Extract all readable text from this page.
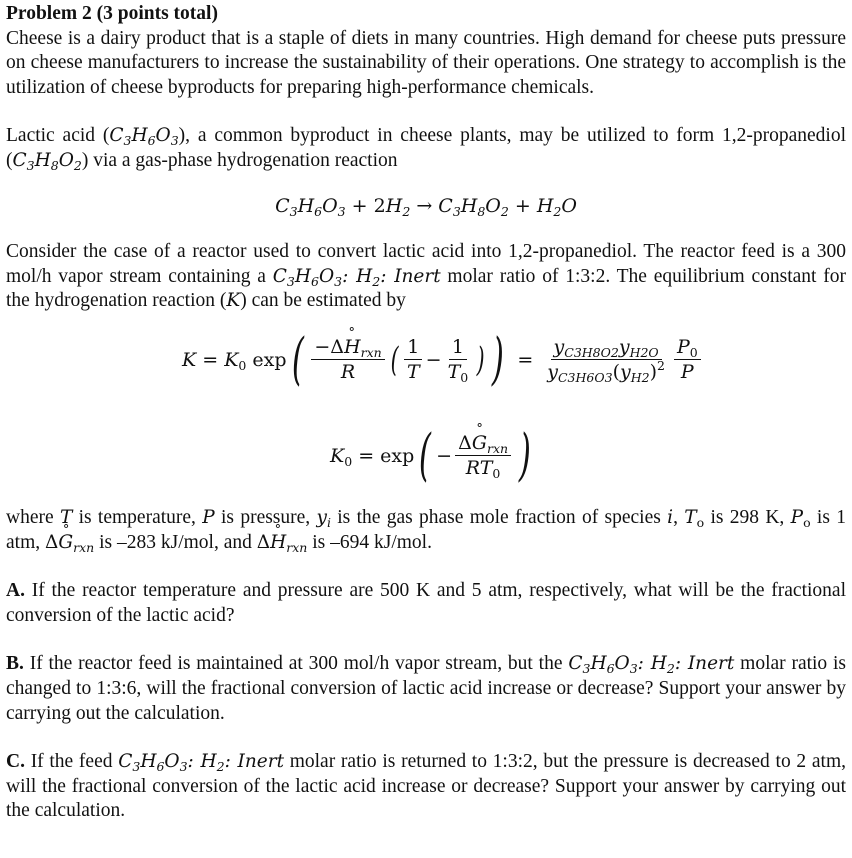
Problem 2 (3 points total)

Cheese is a dairy product that is a staple of diets in many countries. High demand for cheese puts pressure on cheese manufacturers to increase the sustainability of their operations. One strategy to accomplish is the utilization of cheese byproducts for preparing high-performance chemicals.

Lactic acid $(C_3H_6O_3)$, a common byproduct in cheese plants, may be utilized to form 1,2-propanediol $(C_3H_8O_2)$ via a gas-phase hydrogenation reaction

$C_3H_6O_3 + 2H_2 \to C_3H_8O_2 + H_2O$

Consider the case of a reactor used to convert lactic acid into 1,2-propanediol. The reactor feed is a 300 mol/h vapor stream containing a $C_3H_6O_3$: $H_2$: Inert molar ratio of 1:3:2. The equilibrium constant for the hydrogenation reaction (K) can be estimated by

$K = K_0$ exp ( $\frac{-\Delta H ˚_{rxn}}{R}$ ( $\frac{1}{T} - \frac{1}{T_0}$ ) ) = $\frac{y_{C3H8O2}y_{H2O}}{y_{C3H6O3}(y_{H2})^2} \frac{P_0}{P}$
$K_0 = \exp$ ( − $\frac{\Delta G ˚_{rxn}}{RT_0}$ )

where T is temperature, P is pressure, $y_i$ is the gas phase mole fraction of species i, $T_o$ is 298 K, $P_o$ is 1 atm, ΔG $˚_{rxn}$ is –283 kJ/mol, and ΔH $˚_{rxn}$ is –694 kJ/mol.

A. If the reactor temperature and pressure are 500 K and 5 atm, respectively, what will be the fractional conversion of the lactic acid?

B. If the reactor feed is maintained at 300 mol/h vapor stream, but the $C_3H_6O_3$: $H_2$: Inert molar ratio is changed to 1:3:6, will the fractional conversion of lactic acid increase or decrease? Support your answer by carrying out the calculation.

C. If the feed $C_3H_6O_3$: $H_2$: Inert molar ratio is returned to 1:3:2, but the pressure is decreased to 2 atm, will the fractional conversion of the lactic acid increase or decrease? Support your answer by carrying out the calculation.
